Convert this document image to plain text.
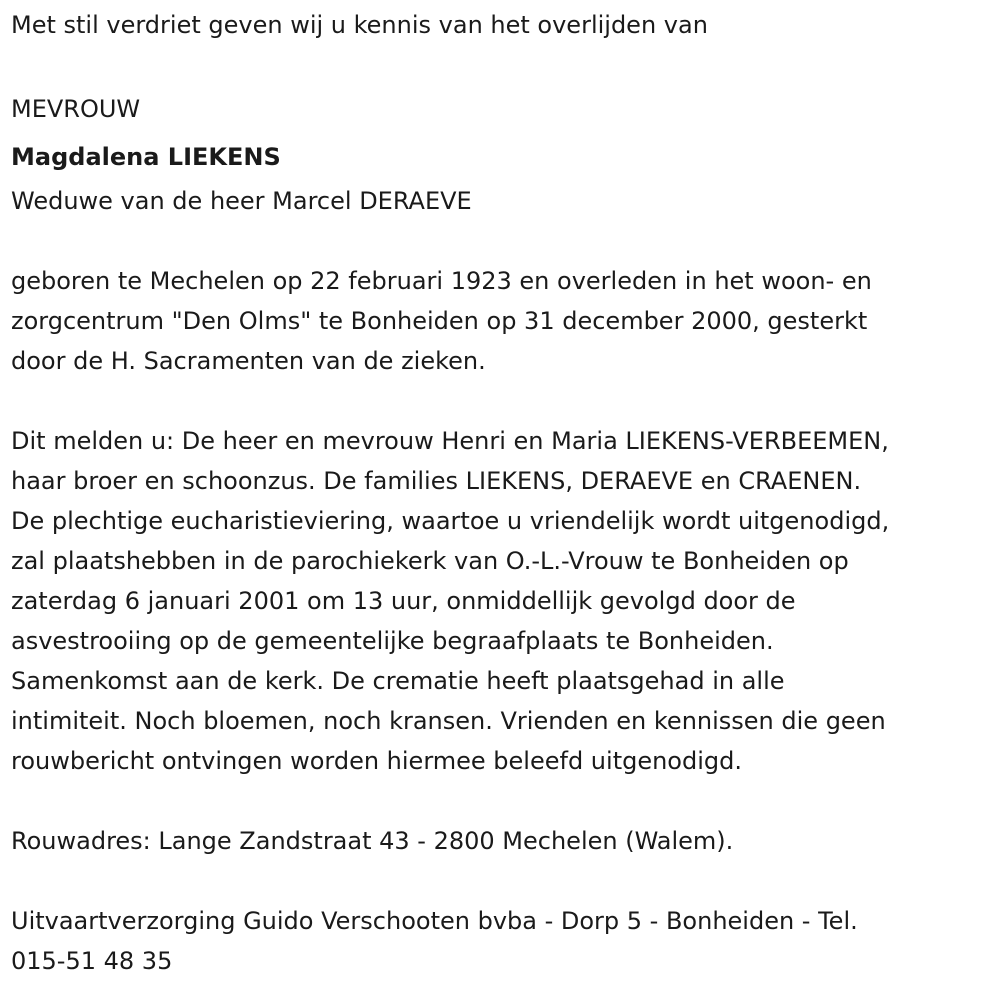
Met stil verdriet geven wij u kennis van het overlijden van
MEVROUW
Magdalena LIEKENS
Weduwe van de heer Marcel DERAEVE
geboren te Mechelen op 22 februari 1923 en overleden in het woon- en
zorgcentrum "Den Olms" te Bonheiden op 31 december 2000, gesterkt
door de H. Sacramenten van de zieken.
Dit melden u: De heer en mevrouw Henri en Maria LIEKENS-VERBEEMEN,
haar broer en schoonzus. De families LIEKENS, DERAEVE en CRAENEN.
De plechtige eucharistieviering, waartoe u vriendelijk wordt uitgenodigd,
zal plaatshebben in de parochiekerk van O.-L.-Vrouw te Bonheiden op
zaterdag 6 januari 2001 om 13 uur, onmiddellijk gevolgd door de
asvestrooiing op de gemeentelijke begraafplaats te Bonheiden.
Samenkomst aan de kerk. De crematie heeft plaatsgehad in alle
intimiteit. Noch bloemen, noch kransen. Vrienden en kennissen die geen
rouwbericht ontvingen worden hiermee beleefd uitgenodigd.
Rouwadres: Lange Zandstraat 43 - 2800 Mechelen (Walem).
Uitvaartverzorging Guido Verschooten bvba - Dorp 5 - Bonheiden - Tel.
015-51 48 35
